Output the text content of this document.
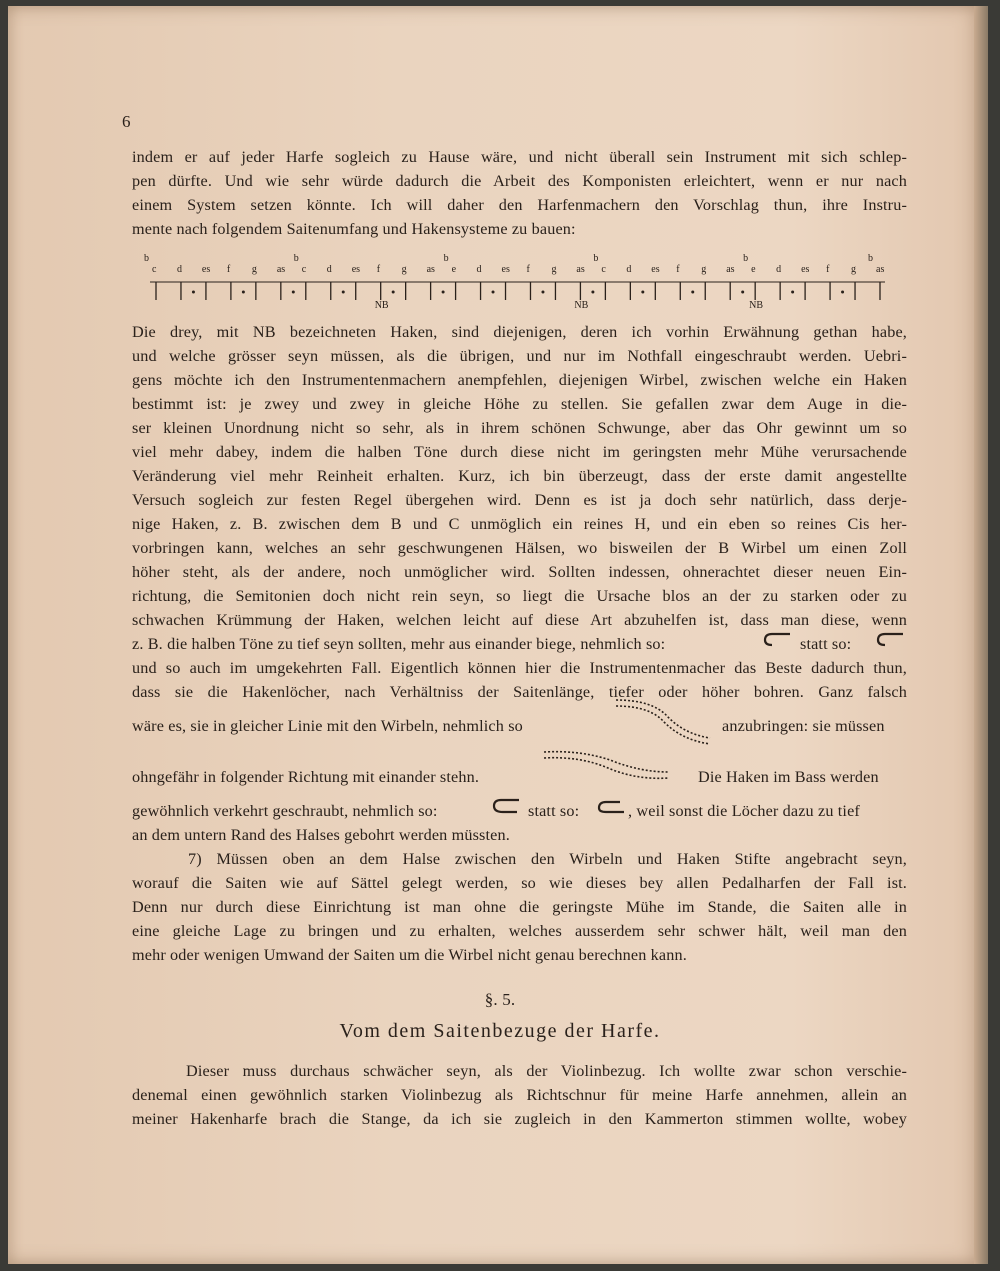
6
indem er auf jeder Harfe sogleich zu Hause wäre, und nicht überall sein Instrument mit sich schlep-
pen dürfte. Und wie sehr würde dadurch die Arbeit des Komponisten erleichtert, wenn er nur nach
einem System setzen könnte. Ich will daher den Harfenmachern den Vorschlag thun, ihre Instru-
mente nach folgendem Saitenumfang und Hakensysteme zu bauen:
c d es f g as c d es f g as e d es f g as c d es f g as e d es f g as
b	b	b	b	b	b
NB	NB	NB
Die drey, mit NB bezeichneten Haken, sind diejenigen, deren ich vorhin Erwähnung gethan habe,
und welche grösser seyn müssen, als die übrigen, und nur im Nothfall eingeschraubt werden. Uebri-
gens möchte ich den Instrumentenmachern anempfehlen, diejenigen Wirbel, zwischen welche ein Haken
bestimmt ist: je zwey und zwey in gleiche Höhe zu stellen. Sie gefallen zwar dem Auge in die-
ser kleinen Unordnung nicht so sehr, als in ihrem schönen Schwunge, aber das Ohr gewinnt um so
viel mehr dabey, indem die halben Töne durch diese nicht im geringsten mehr Mühe verursachende
Veränderung viel mehr Reinheit erhalten. Kurz, ich bin überzeugt, dass der erste damit angestellte
Versuch sogleich zur festen Regel übergehen wird. Denn es ist ja doch sehr natürlich, dass derje-
nige Haken, z. B. zwischen dem B und C unmöglich ein reines H, und ein eben so reines Cis her-
vorbringen kann, welches an sehr geschwungenen Hälsen, wo bisweilen der B Wirbel um einen Zoll
höher steht, als der andere, noch unmöglicher wird. Sollten indessen, ohnerachtet dieser neuen Ein-
richtung, die Semitonien doch nicht rein seyn, so liegt die Ursache blos an der zu starken oder zu
schwachen Krümmung der Haken, welchen leicht auf diese Art abzuhelfen ist, dass man diese, wenn
z. B. die halben Töne zu tief seyn sollten, mehr aus einander biege, nehmlich so:	statt so:
und so auch im umgekehrten Fall. Eigentlich können hier die Instrumentenmacher das Beste dadurch thun,
dass sie die Hakenlöcher, nach Verhältniss der Saitenlänge, tiefer oder höher bohren. Ganz falsch
wäre es, sie in gleicher Linie mit den Wirbeln, nehmlich so	anzubringen: sie müssen
ohngefähr in folgender Richtung mit einander stehn.	Die Haken im Bass werden
gewöhnlich verkehrt geschraubt, nehmlich so:	statt so:	, weil sonst die Löcher dazu zu tief
an dem untern Rand des Halses gebohrt werden müssten.
7) Müssen oben an dem Halse zwischen den Wirbeln und Haken Stifte angebracht seyn,
worauf die Saiten wie auf Sättel gelegt werden, so wie dieses bey allen Pedalharfen der Fall ist.
Denn nur durch diese Einrichtung ist man ohne die geringste Mühe im Stande, die Saiten alle in
eine gleiche Lage zu bringen und zu erhalten, welches ausserdem sehr schwer hält, weil man den
mehr oder wenigen Umwand der Saiten um die Wirbel nicht genau berechnen kann.
§. 5.
Vom dem Saitenbezuge der Harfe.
Dieser muss durchaus schwächer seyn, als der Violinbezug. Ich wollte zwar schon verschie-
denemal einen gewöhnlich starken Violinbezug als Richtschnur für meine Harfe annehmen, allein an
meiner Hakenharfe brach die Stange, da ich sie zugleich in den Kammerton stimmen wollte, wobey
